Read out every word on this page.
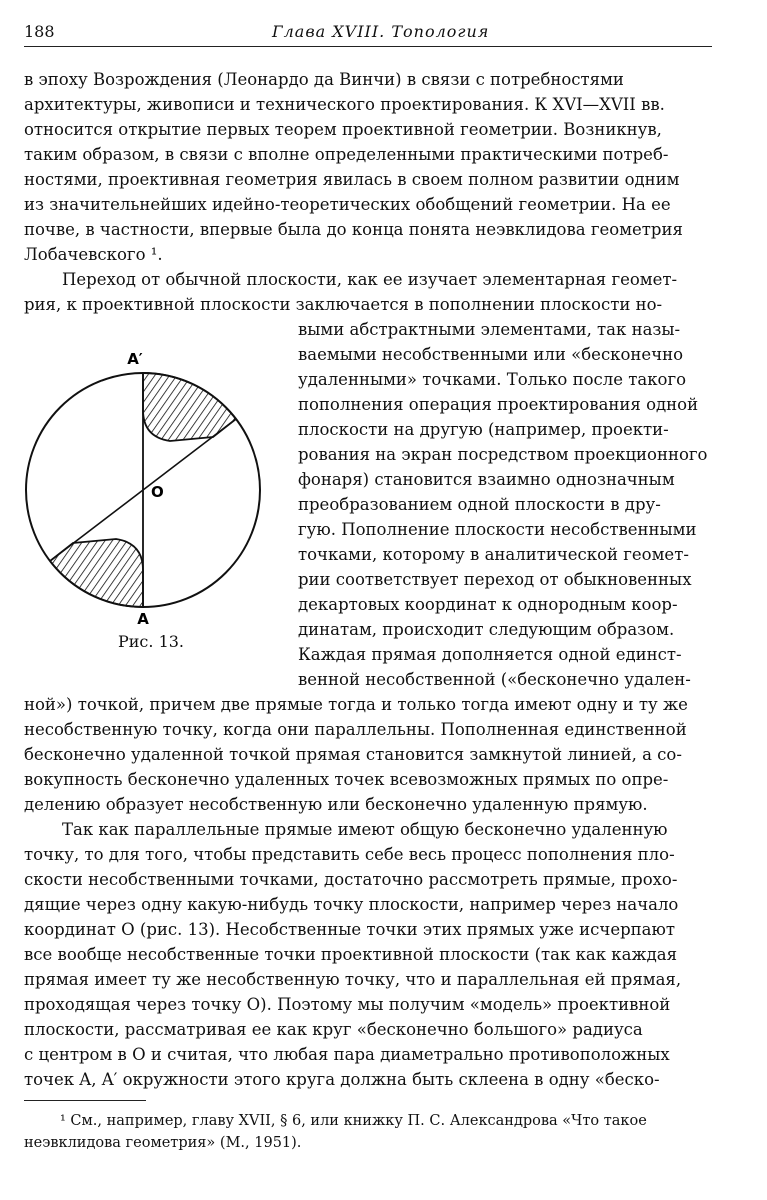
188	Глава XVIII. Топология
в эпоху Возрождения (Леонардо да Винчи) в связи с потребностями
архитектуры, живописи и технического проектирования. К XVI—XVII вв.
относится открытие первых теорем проективной геометрии. Возникнув,
таким образом, в связи с вполне определенными практическими потреб-
ностями, проективная геометрия явилась в своем полном развитии одним
из значительнейших идейно-теоретических обобщений геометрии. На ее
почве, в частности, впервые была до конца понята неэвклидова геометрия
Лобачевского ¹.
Переход от обычной плоскости, как ее изучает элементарная геомет-
рия, к проективной плоскости заключается в пополнении плоскости но-
выми абстрактными элементами, так назы-
ваемыми несобственными или «бесконечно
удаленными» точками. Только после такого
пополнения операция проектирования одной
плоскости на другую (например, проекти-
рования на экран посредством проекционного
фонаря) становится взаимно однозначным
преобразованием одной плоскости в дру-
гую. Пополнение плоскости несобственными
точками, которому в аналитической геомет-
рии соответствует переход от обыкновенных
декартовых координат к однородным коор-
динатам, происходит следующим образом.
Каждая прямая дополняется одной единст-
венной несобственной («бесконечно удален-
ной») точкой, причем две прямые тогда и только тогда имеют одну и ту же
несобственную точку, когда они параллельны. Пополненная единственной
бесконечно удаленной точкой прямая становится замкнутой линией, а со-
вокупность бесконечно удаленных точек всевозможных прямых по опре-
делению образует несобственную или бесконечно удаленную прямую.
Так как параллельные прямые имеют общую бесконечно удаленную
точку, то для того, чтобы представить себе весь процесс пополнения пло-
скости несобственными точками, достаточно рассмотреть прямые, прохо-
дящие через одну какую-нибудь точку плоскости, например через начало
координат O (рис. 13). Несобственные точки этих прямых уже исчерпают
все вообще несобственные точки проективной плоскости (так как каждая
прямая имеет ту же несобственную точку, что и параллельная ей прямая,
проходящая через точку O). Поэтому мы получим «модель» проективной
плоскости, рассматривая ее как круг «бесконечно большого» радиуса
с центром в O и считая, что любая пара диаметрально противоположных
точек A, A′ окружности этого круга должна быть склеена в одну «беско-
A′
O
A
Рис. 13.
¹ См., например, главу XVII, § 6, или книжку П. С. Александрова «Что такое
неэвклидова геометрия» (М., 1951).
